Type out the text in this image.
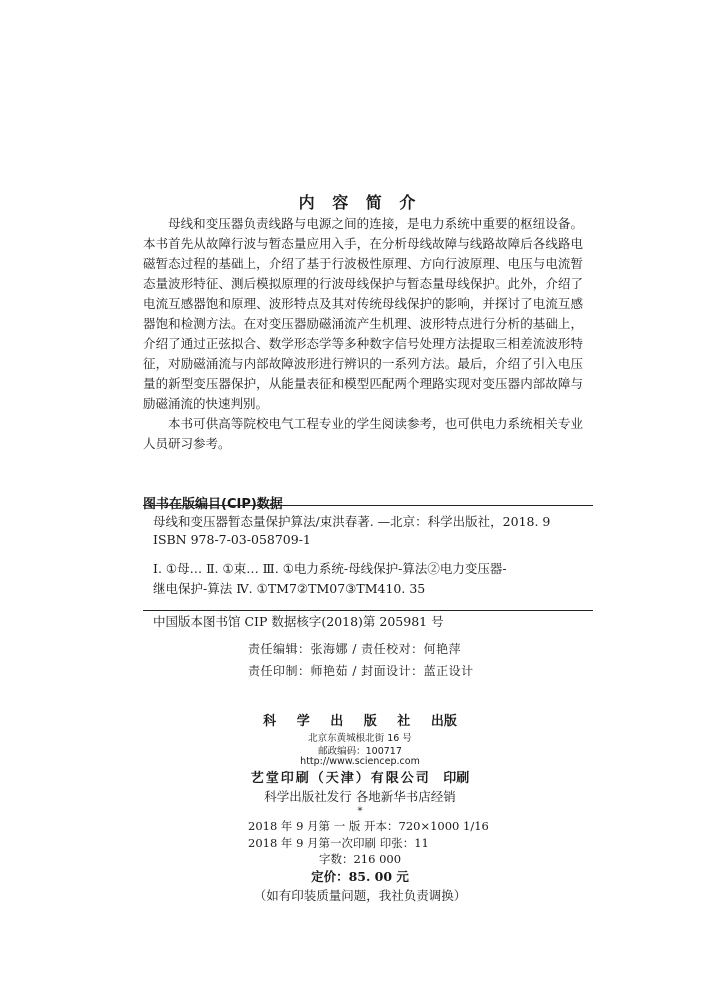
内 容 简 介

母线和变压器负责线路与电源之间的连接，是电力系统中重要的枢纽设备。本书首先从故障行波与暂态量应用入手，在分析母线故障与线路故障后各线路电磁暂态过程的基础上，介绍了基于行波极性原理、方向行波原理、电压与电流暂态量波形特征、测后模拟原理的行波母线保护与暂态量母线保护。此外，介绍了电流互感器饱和原理、波形特点及其对传统母线保护的影响，并探讨了电流互感器饱和检测方法。在对变压器励磁涌流产生机理、波形特点进行分析的基础上，介绍了通过正弦拟合、数学形态学等多种数字信号处理方法提取三相差流波形特征，对励磁涌流与内部故障波形进行辨识的一系列方法。最后，介绍了引入电压量的新型变压器保护，从能量表征和模型匹配两个理路实现对变压器内部故障与励磁涌流的快速判别。

本书可供高等院校电气工程专业的学生阅读参考，也可供电力系统相关专业人员研习参考。

图书在版编目(CIP)数据
母线和变压器暂态量保护算法/束洪春著. —北京：科学出版社，2018. 9
ISBN 978-7-03-058709-1
Ⅰ. ①母… Ⅱ. ①束… Ⅲ. ①电力系统-母线保护-算法②电力变压器-
继电保护-算法 Ⅳ. ①TM7②TM07③TM410. 35
中国版本图书馆 CIP 数据核字(2018)第 205981 号
责任编辑：张海娜 / 责任校对：何艳萍
责任印制：师艳茹 / 封面设计：蓝正设计
科 学 出 版 社 出版
北京东黄城根北街 16 号
邮政编码：100717
http://www.sciencep.com
艺堂印刷（天津）有限公司 印刷
科学出版社发行 各地新华书店经销
*
2018 年 9 月第 一 版 开本：720×1000 1/16
2018 年 9 月第一次印刷 印张：11
字数：216 000
定价：85. 00 元
（如有印装质量问题，我社负责调换）
